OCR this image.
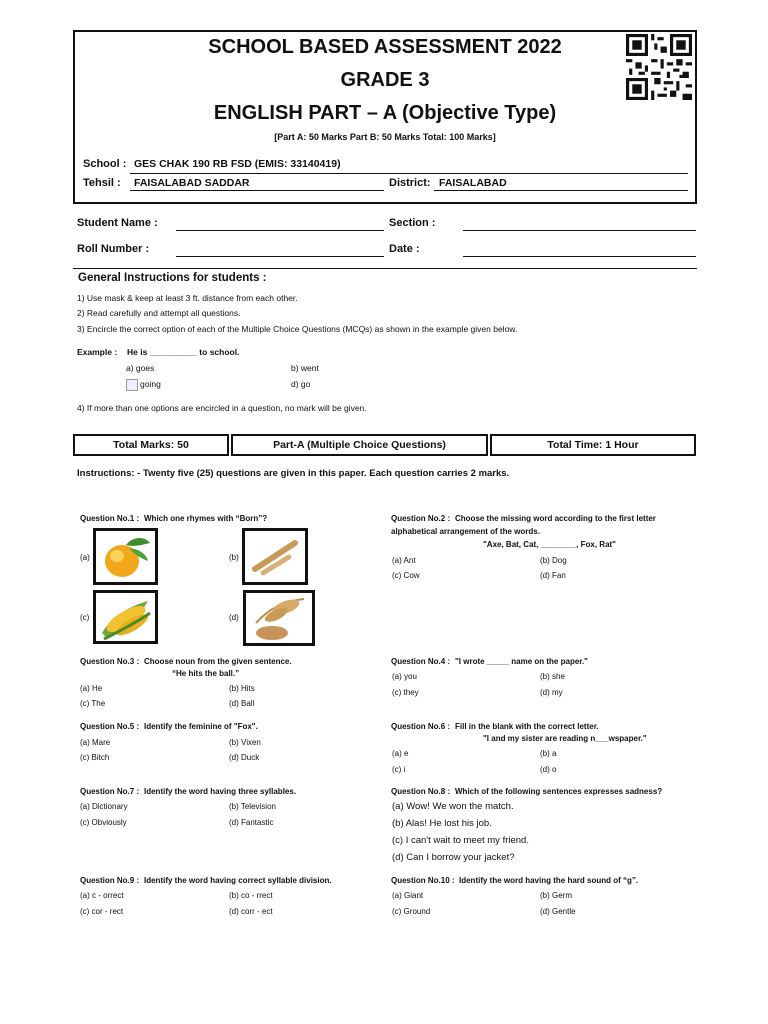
SCHOOL BASED ASSESSMENT 2022
GRADE 3
ENGLISH PART – A (Objective Type)
[Part A: 50 Marks Part B: 50 Marks Total: 100 Marks]
School : GES CHAK 190 RB FSD (EMIS: 33140419)
Tehsil : FAISALABAD SADDAR	District: FAISALABAD
Student Name :	Section :
Roll Number :	Date :
General Instructions for students :
1) Use mask & keep at least 3 ft. distance from each other.
2) Read carefully and attempt all questions.
3) Encircle the correct option of each of the Multiple Choice Questions (MCQs) as shown in the example given below.
Example : He is __________ to school.
a) goes	b) went
going	d) go
4) If more than one options are encircled in a question, no mark will be given.
Total Marks: 50	Part-A (Multiple Choice Questions)	Total Time: 1 Hour
Instructions: - Twenty five (25) questions are given in this paper. Each question carries 2 marks.
Question No.1 : Which one rhymes with “Born”?
(a)	(b)
(c)	(d)
Question No.2 : Choose the missing word according to the first letter
alphabetical arrangement of the words.
"Axe, Bat, Cat, ________, Fox, Rat"
(a) Ant	(b) Dog
(c) Cow	(d) Fan
Question No.3 : Choose noun from the given sentence.
“He hits the ball.”
(a) He	(b) Hits
(c) The	(d) Ball
Question No.4 : "I wrote _____ name on the paper."
(a) you	(b) she
(c) they	(d) my
Question No.5 : Identify the feminine of "Fox".
(a) Mare	(b) Vixen
(c) Bitch	(d) Duck
Question No.6 : Fill in the blank with the correct letter.
"I and my sister are reading n___wspaper."
(a) e	(b) a
(c) i	(d) o
Question No.7 : Identify the word having three syllables.
(a) Dictionary	(b) Television
(c) Obviously	(d) Fantastic
Question No.8 : Which of the following sentences expresses sadness?
(a) Wow! We won the match.
(b) Alas! He lost his job.
(c) I can't wait to meet my friend.
(d) Can I borrow your jacket?
Question No.9 : Identify the word having correct syllable division.
(a) c - orrect	(b) co - rrect
(c) cor - rect	(d) corr - ect
Question No.10 : Identify the word having the hard sound of “g”.
(a) Giant	(b) Germ
(c) Ground	(d) Gentle
